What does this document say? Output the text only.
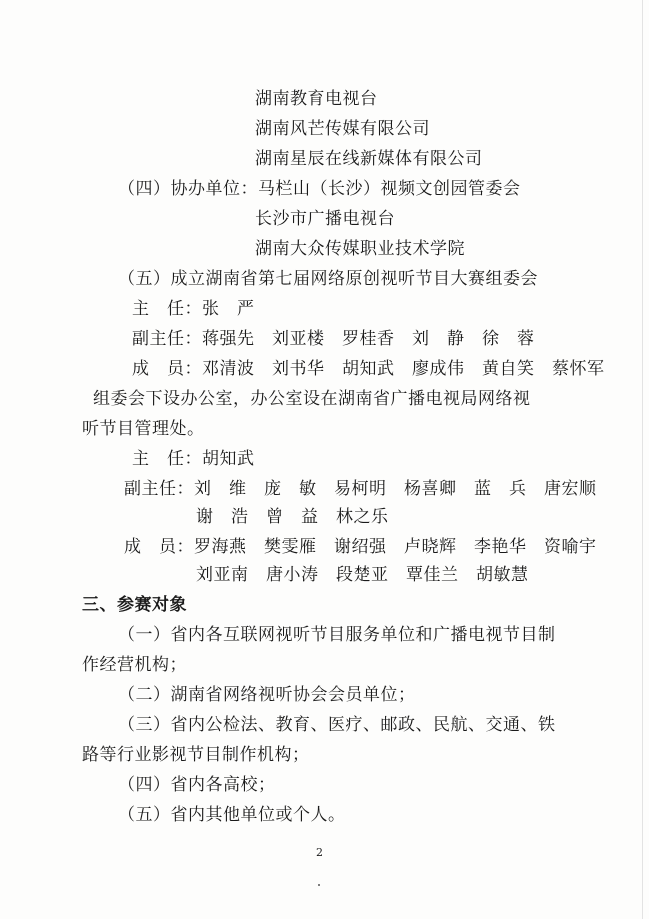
湖南教育电视台
湖南风芒传媒有限公司
湖南星辰在线新媒体有限公司
（四）协办单位：马栏山（长沙）视频文创园管委会
长沙市广播电视台
湖南大众传媒职业技术学院
（五）成立湖南省第七届网络原创视听节目大赛组委会
主　任：张　严
副主任：蒋强先　刘亚楼　罗桂香　刘　静　徐　蓉
成　员：邓清波　刘书华　胡知武　廖成伟　黄自笑　蔡怀军
组委会下设办公室，办公室设在湖南省广播电视局网络视
听节目管理处。
主　任：胡知武
副主任：刘　维　庞　敏　易柯明　杨喜卿　蓝　兵　唐宏顺
谢　浩　曾　益　林之乐
成　员：罗海燕　樊雯雁　谢绍强　卢晓辉　李艳华　资喻宇
刘亚南　唐小涛　段楚亚　覃佳兰　胡敏慧
三、参赛对象
（一）省内各互联网视听节目服务单位和广播电视节目制
作经营机构；
（二）湖南省网络视听协会会员单位；
（三）省内公检法、教育、医疗、邮政、民航、交通、铁
路等行业影视节目制作机构；
（四）省内各高校；
（五）省内其他单位或个人。
2
